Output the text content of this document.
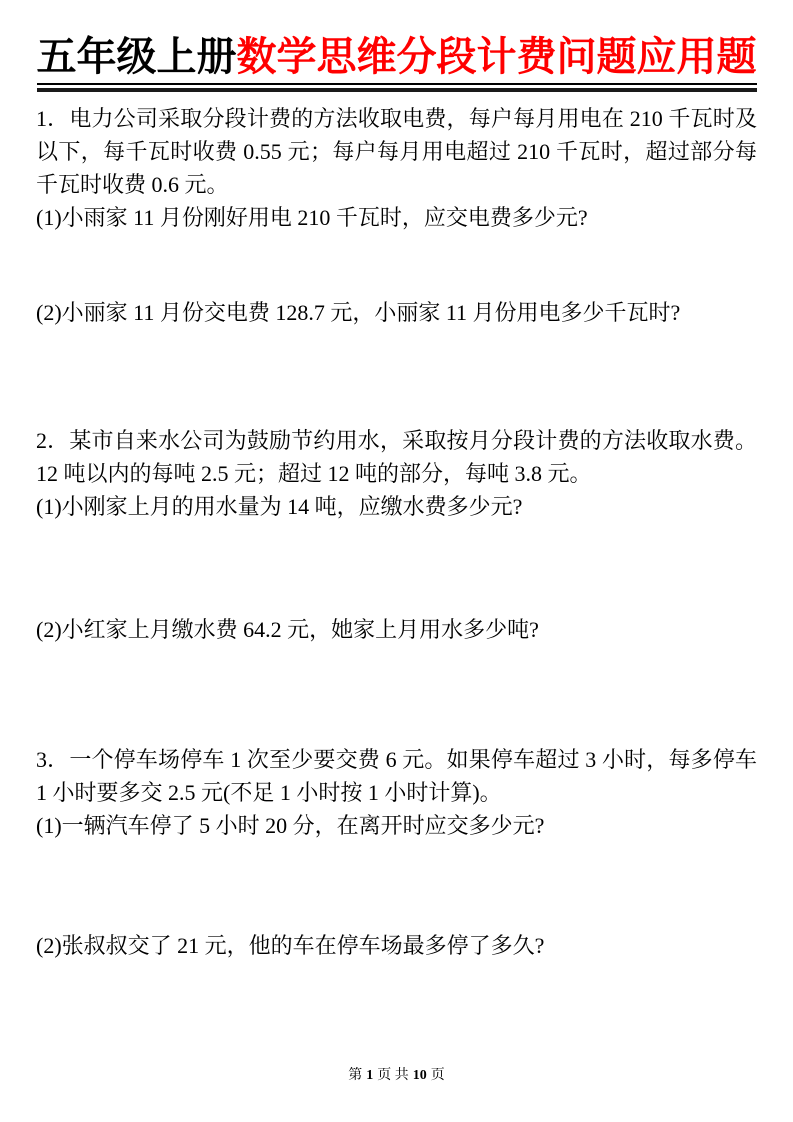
五年级上册数学思维分段计费问题应用题

1．电力公司采取分段计费的方法收取电费，每户每月用电在 210 千瓦时及以下，每千瓦时收费 0.55 元；每户每月用电超过 210 千瓦时，超过部分每千瓦时收费 0.6 元。

(1)小雨家 11 月份刚好用电 210 千瓦时，应交电费多少元?

(2)小丽家 11 月份交电费 128.7 元，小丽家 11 月份用电多少千瓦时?

2．某市自来水公司为鼓励节约用水，采取按月分段计费的方法收取水费。12 吨以内的每吨 2.5 元；超过 12 吨的部分，每吨 3.8 元。

(1)小刚家上月的用水量为 14 吨，应缴水费多少元?

(2)小红家上月缴水费 64.2 元，她家上月用水多少吨?

3．一个停车场停车 1 次至少要交费 6 元。如果停车超过 3 小时，每多停车 1 小时要多交 2.5 元(不足 1 小时按 1 小时计算)。

(1)一辆汽车停了 5 小时 20 分，在离开时应交多少元?

(2)张叔叔交了 21 元，他的车在停车场最多停了多久?

第 1 页 共 10 页
